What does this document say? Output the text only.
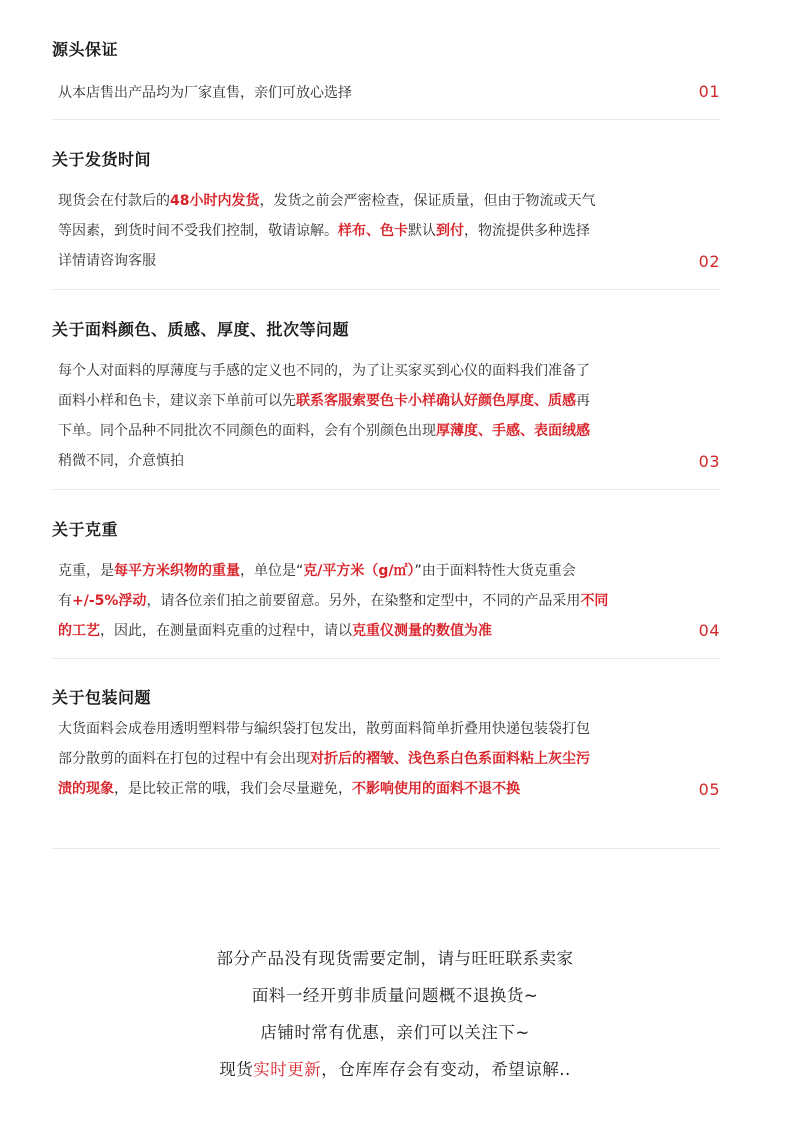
源头保证
从本店售出产品均为厂家直售，亲们可放心选择	01
关于发货时间
现货会在付款后的48小时内发货，发货之前会严密检查，保证质量，但由于物流或天气
等因素，到货时间不受我们控制，敬请谅解。样布、色卡默认到付，物流提供多种选择
详情请咨询客服	02
关于面料颜色、质感、厚度、批次等问题
每个人对面料的厚薄度与手感的定义也不同的，为了让买家买到心仪的面料我们准备了
面料小样和色卡，建议亲下单前可以先联系客服索要色卡小样确认好颜色厚度、质感再
下单。同个品种不同批次不同颜色的面料，会有个别颜色出现厚薄度、手感、表面绒感
稍微不同，介意慎拍	03
关于克重
克重，是每平方米织物的重量，单位是“克/平方米（g/㎡）”由于面料特性大货克重会
有+/-5%浮动，请各位亲们拍之前要留意。另外，在染整和定型中，不同的产品采用不同
的工艺，因此，在测量面料克重的过程中，请以克重仪测量的数值为准	04
关于包装问题
大货面料会成卷用透明塑料带与编织袋打包发出，散剪面料简单折叠用快递包装袋打包
部分散剪的面料在打包的过程中有会出现对折后的褶皱、浅色系白色系面料粘上灰尘污
渍的现象，是比较正常的哦，我们会尽量避免，不影响使用的面料不退不换	05
部分产品没有现货需要定制，请与旺旺联系卖家
面料一经开剪非质量问题概不退换货~
店铺时常有优惠，亲们可以关注下~
现货实时更新，仓库库存会有变动，希望谅解..
